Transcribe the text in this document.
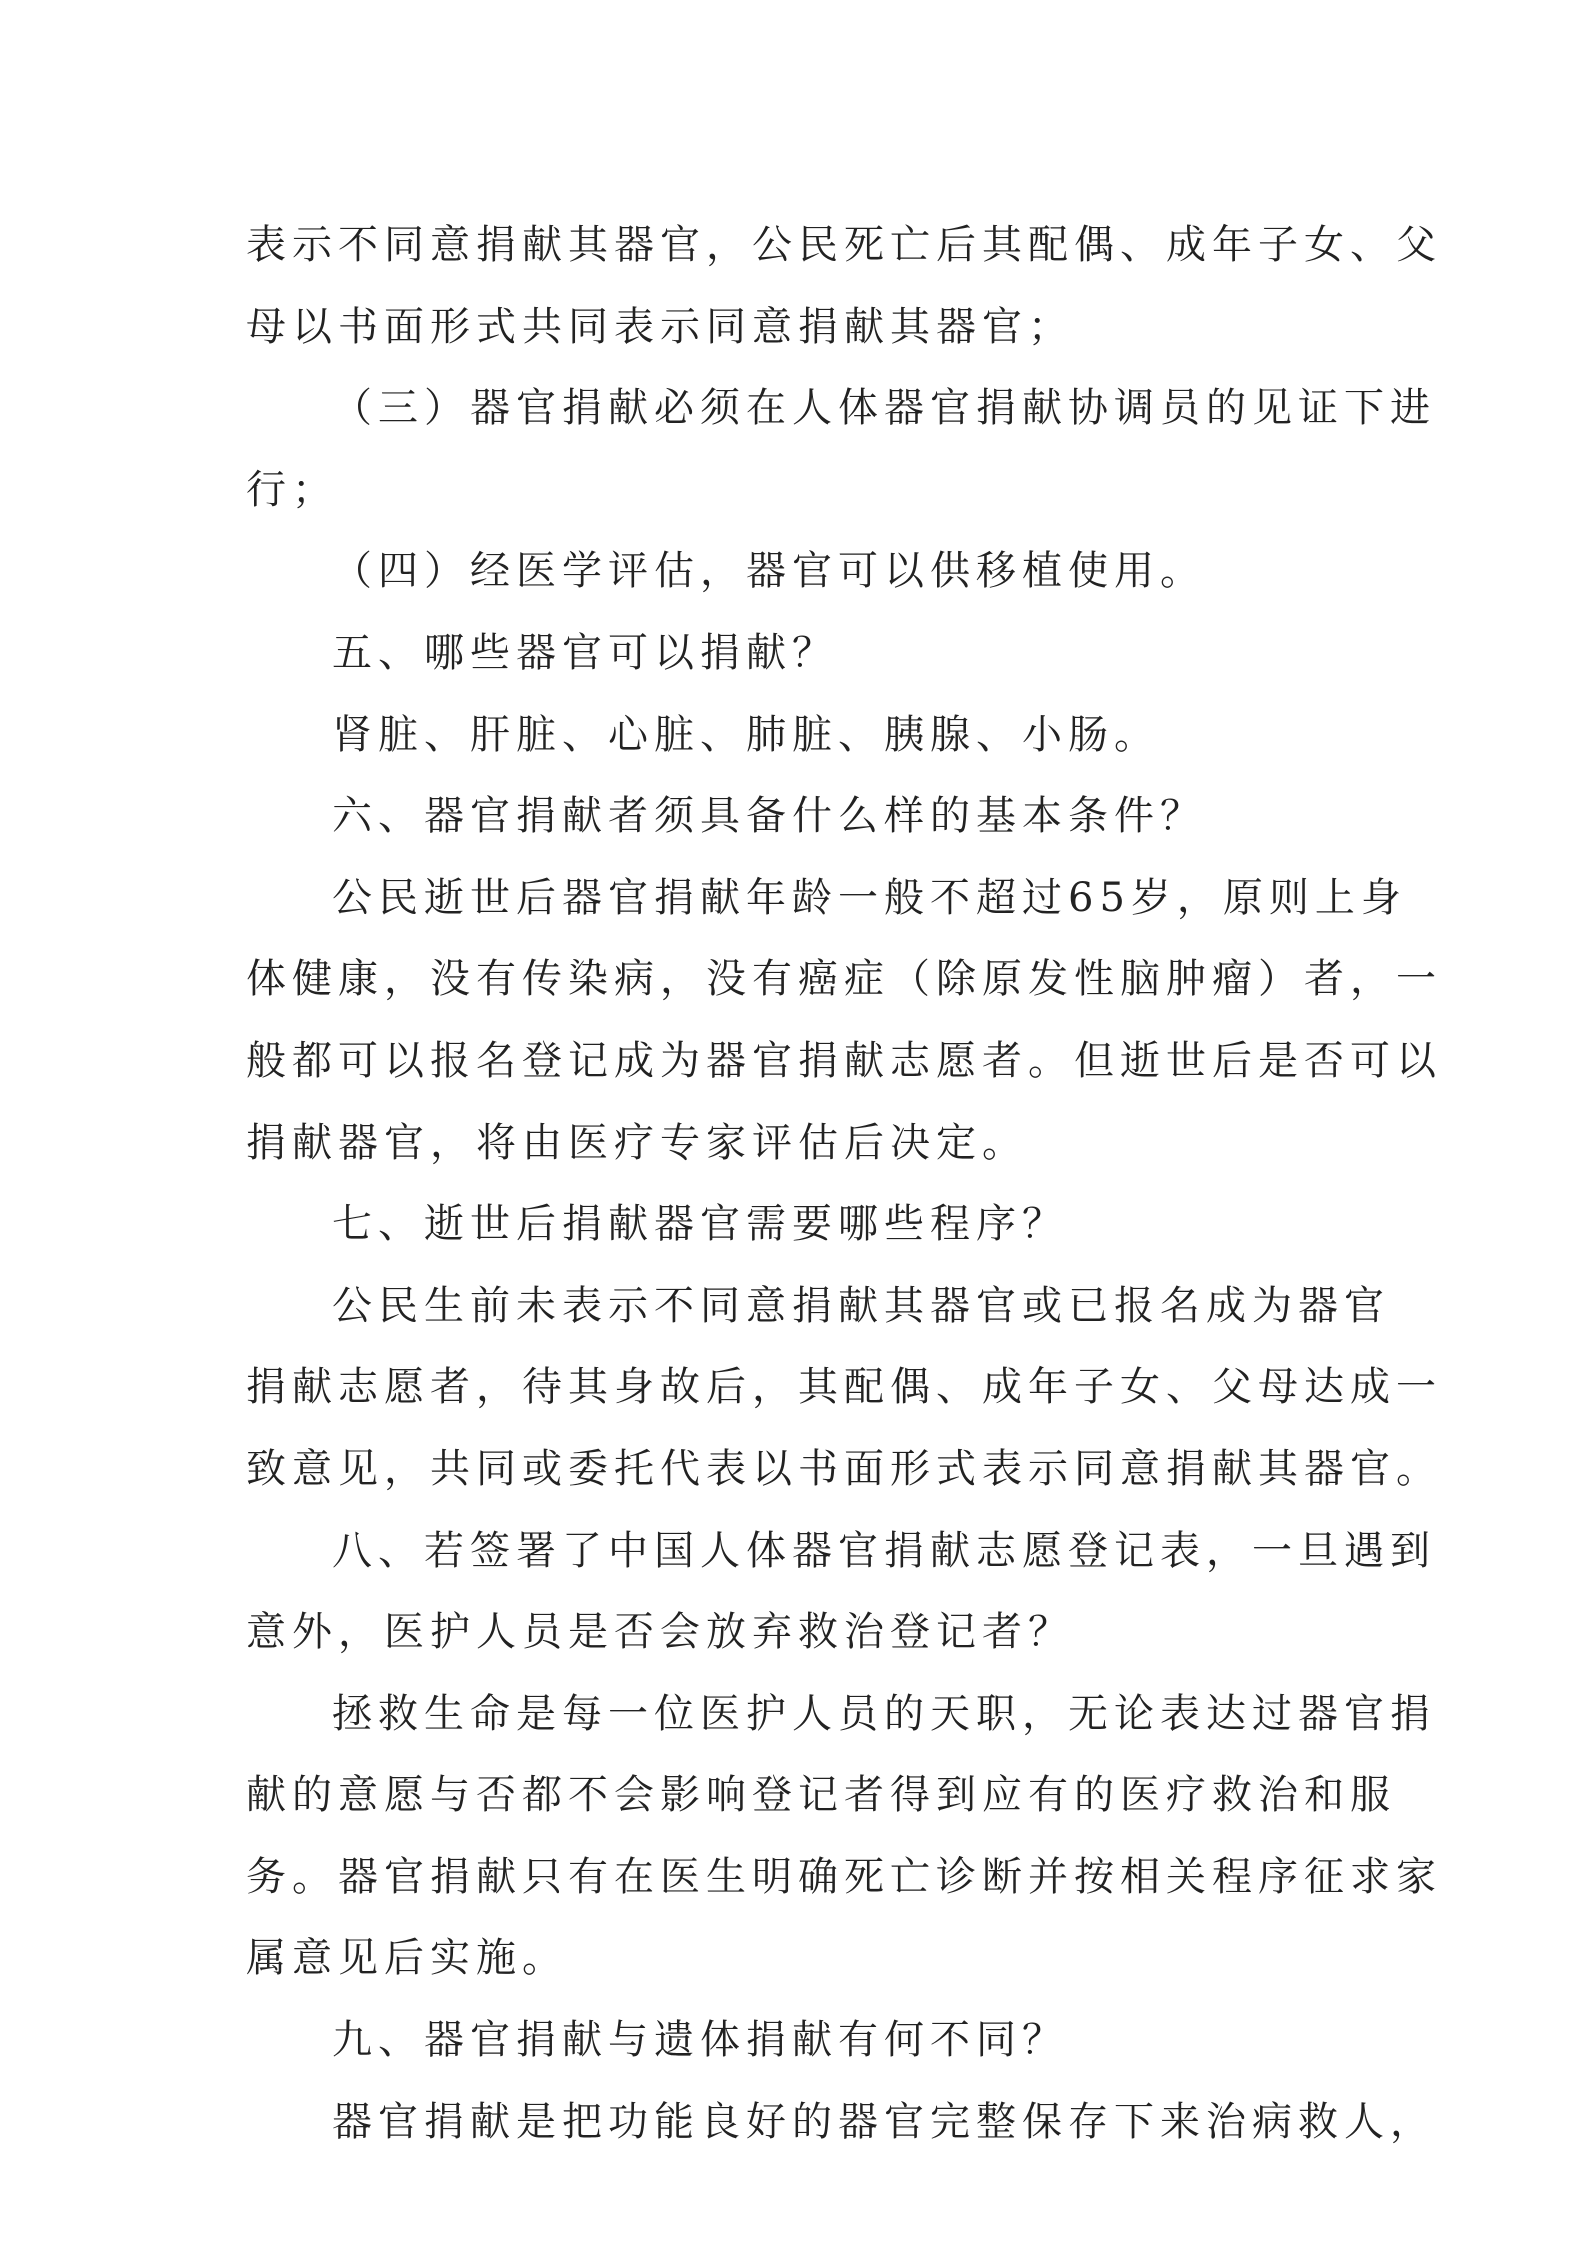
表示不同意捐献其器官，公民死亡后其配偶、成年子女、父
母以书面形式共同表示同意捐献其器官；
（三）器官捐献必须在人体器官捐献协调员的见证下进
行；
（四）经医学评估，器官可以供移植使用。
五、哪些器官可以捐献？
肾脏、肝脏、心脏、肺脏、胰腺、小肠。
六、器官捐献者须具备什么样的基本条件？
公民逝世后器官捐献年龄一般不超过65岁，原则上身
体健康，没有传染病，没有癌症（除原发性脑肿瘤）者，一
般都可以报名登记成为器官捐献志愿者。但逝世后是否可以
捐献器官，将由医疗专家评估后决定。
七、逝世后捐献器官需要哪些程序？
公民生前未表示不同意捐献其器官或已报名成为器官
捐献志愿者，待其身故后，其配偶、成年子女、父母达成一
致意见，共同或委托代表以书面形式表示同意捐献其器官。
八、若签署了中国人体器官捐献志愿登记表，一旦遇到
意外，医护人员是否会放弃救治登记者？
拯救生命是每一位医护人员的天职，无论表达过器官捐
献的意愿与否都不会影响登记者得到应有的医疗救治和服
务。器官捐献只有在医生明确死亡诊断并按相关程序征求家
属意见后实施。
九、器官捐献与遗体捐献有何不同？
器官捐献是把功能良好的器官完整保存下来治病救人，
